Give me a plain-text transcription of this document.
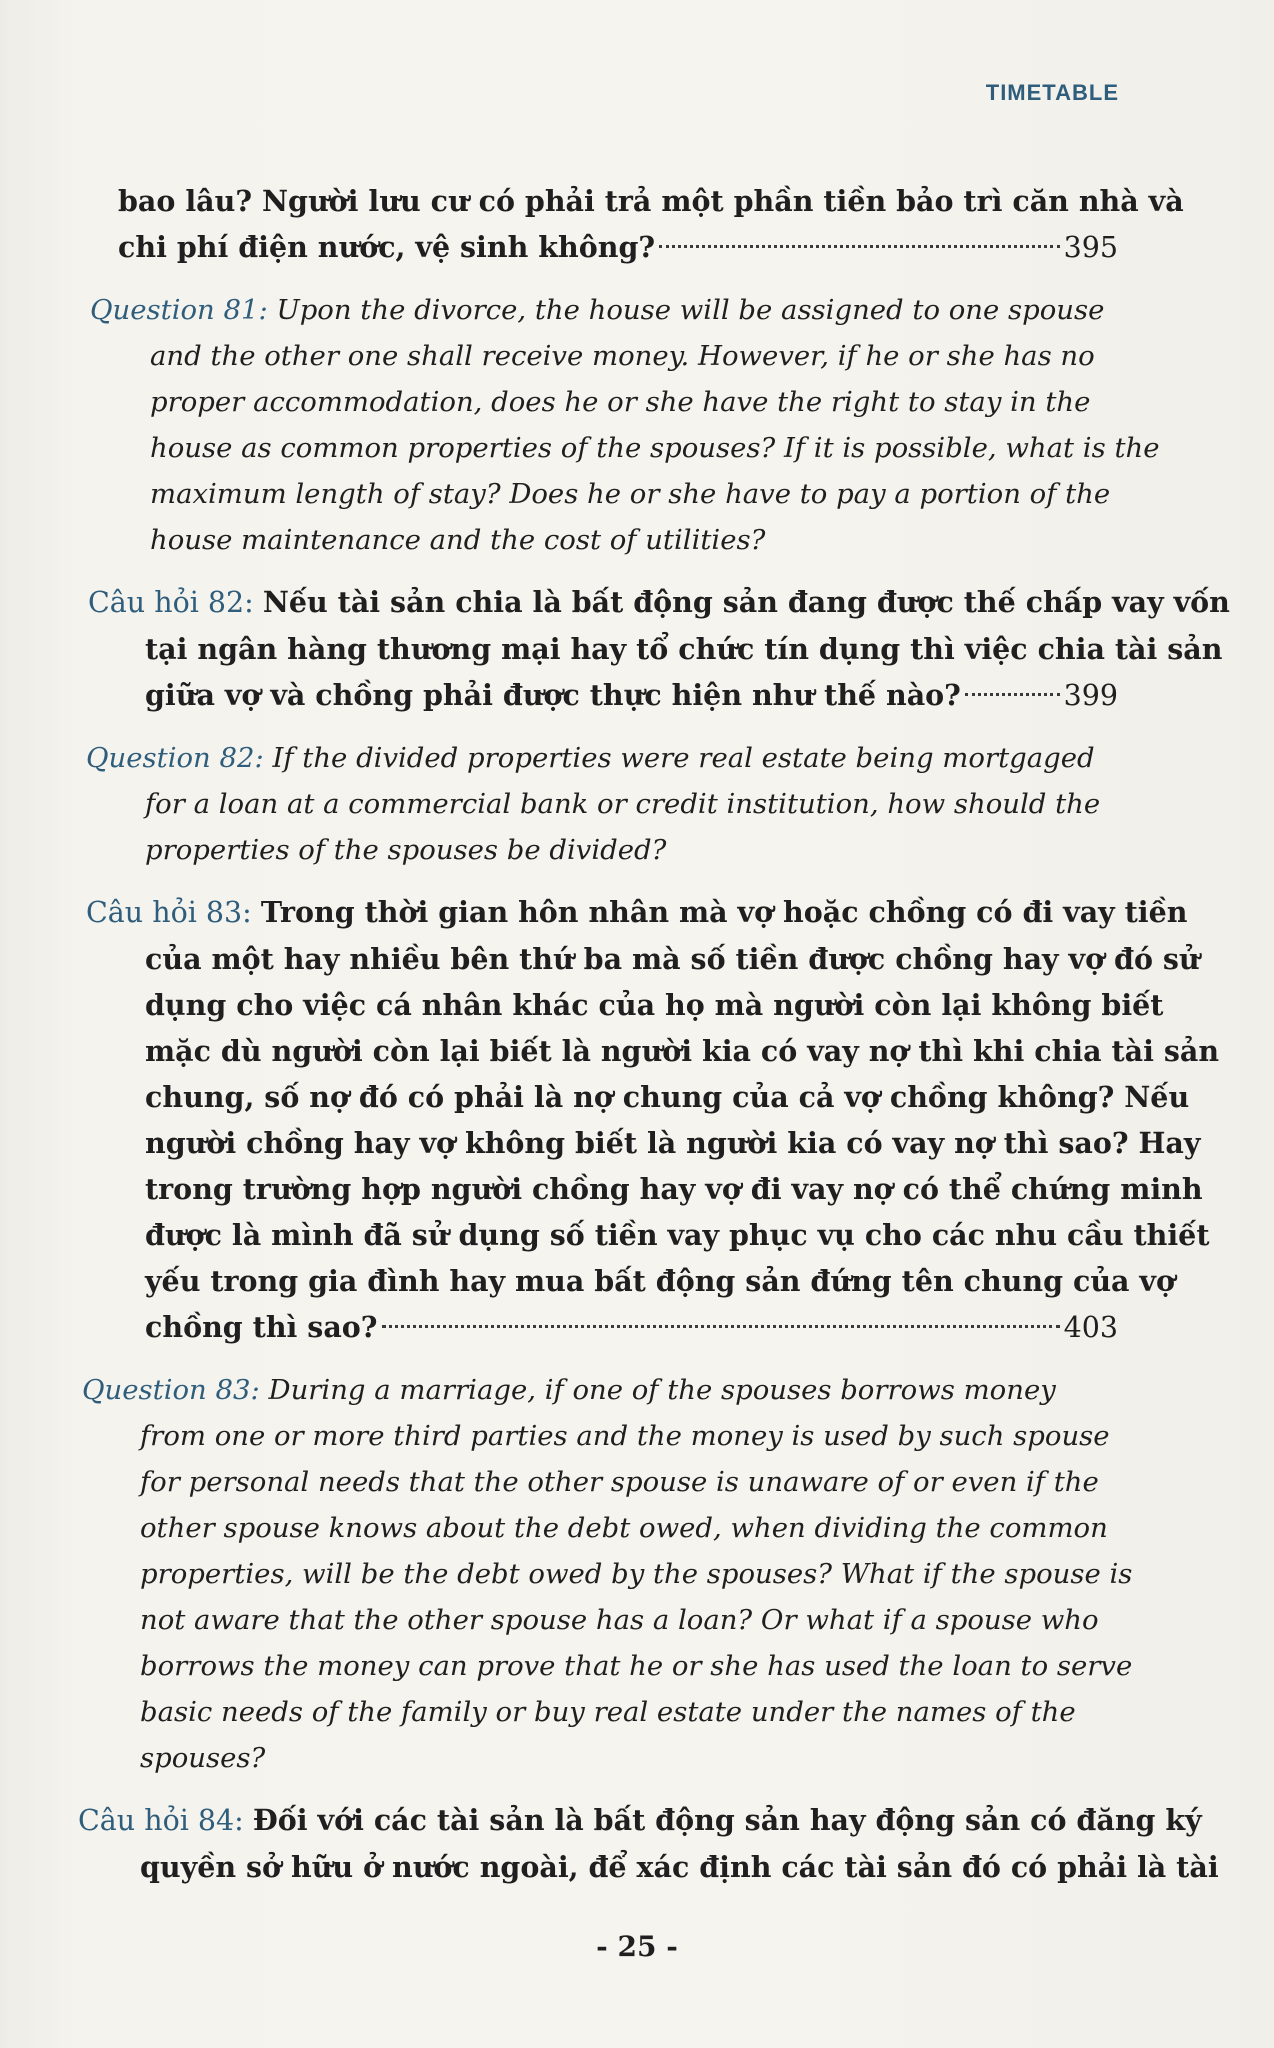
TIMETABLE
bao lâu? Người lưu cư có phải trả một phần tiền bảo trì căn nhà và
chi phí điện nước, vệ sinh không?	395
Question 81: Upon the divorce, the house will be assigned to one spouse
and the other one shall receive money. However, if he or she has no
proper accommodation, does he or she have the right to stay in the
house as common properties of the spouses? If it is possible, what is the
maximum length of stay? Does he or she have to pay a portion of the
house maintenance and the cost of utilities?
Câu hỏi 82: Nếu tài sản chia là bất động sản đang được thế chấp vay vốn
tại ngân hàng thương mại hay tổ chức tín dụng thì việc chia tài sản
giữa vợ và chồng phải được thực hiện như thế nào?	399
Question 82: If the divided properties were real estate being mortgaged
for a loan at a commercial bank or credit institution, how should the
properties of the spouses be divided?
Câu hỏi 83: Trong thời gian hôn nhân mà vợ hoặc chồng có đi vay tiền
của một hay nhiều bên thứ ba mà số tiền được chồng hay vợ đó sử
dụng cho việc cá nhân khác của họ mà người còn lại không biết
mặc dù người còn lại biết là người kia có vay nợ thì khi chia tài sản
chung, số nợ đó có phải là nợ chung của cả vợ chồng không? Nếu
người chồng hay vợ không biết là người kia có vay nợ thì sao? Hay
trong trường hợp người chồng hay vợ đi vay nợ có thể chứng minh
được là mình đã sử dụng số tiền vay phục vụ cho các nhu cầu thiết
yếu trong gia đình hay mua bất động sản đứng tên chung của vợ
chồng thì sao?	403
Question 83: During a marriage, if one of the spouses borrows money
from one or more third parties and the money is used by such spouse
for personal needs that the other spouse is unaware of or even if the
other spouse knows about the debt owed, when dividing the common
properties, will be the debt owed by the spouses? What if the spouse is
not aware that the other spouse has a loan? Or what if a spouse who
borrows the money can prove that he or she has used the loan to serve
basic needs of the family or buy real estate under the names of the
spouses?
Câu hỏi 84: Đối với các tài sản là bất động sản hay động sản có đăng ký
quyền sở hữu ở nước ngoài, để xác định các tài sản đó có phải là tài
- 25 -
